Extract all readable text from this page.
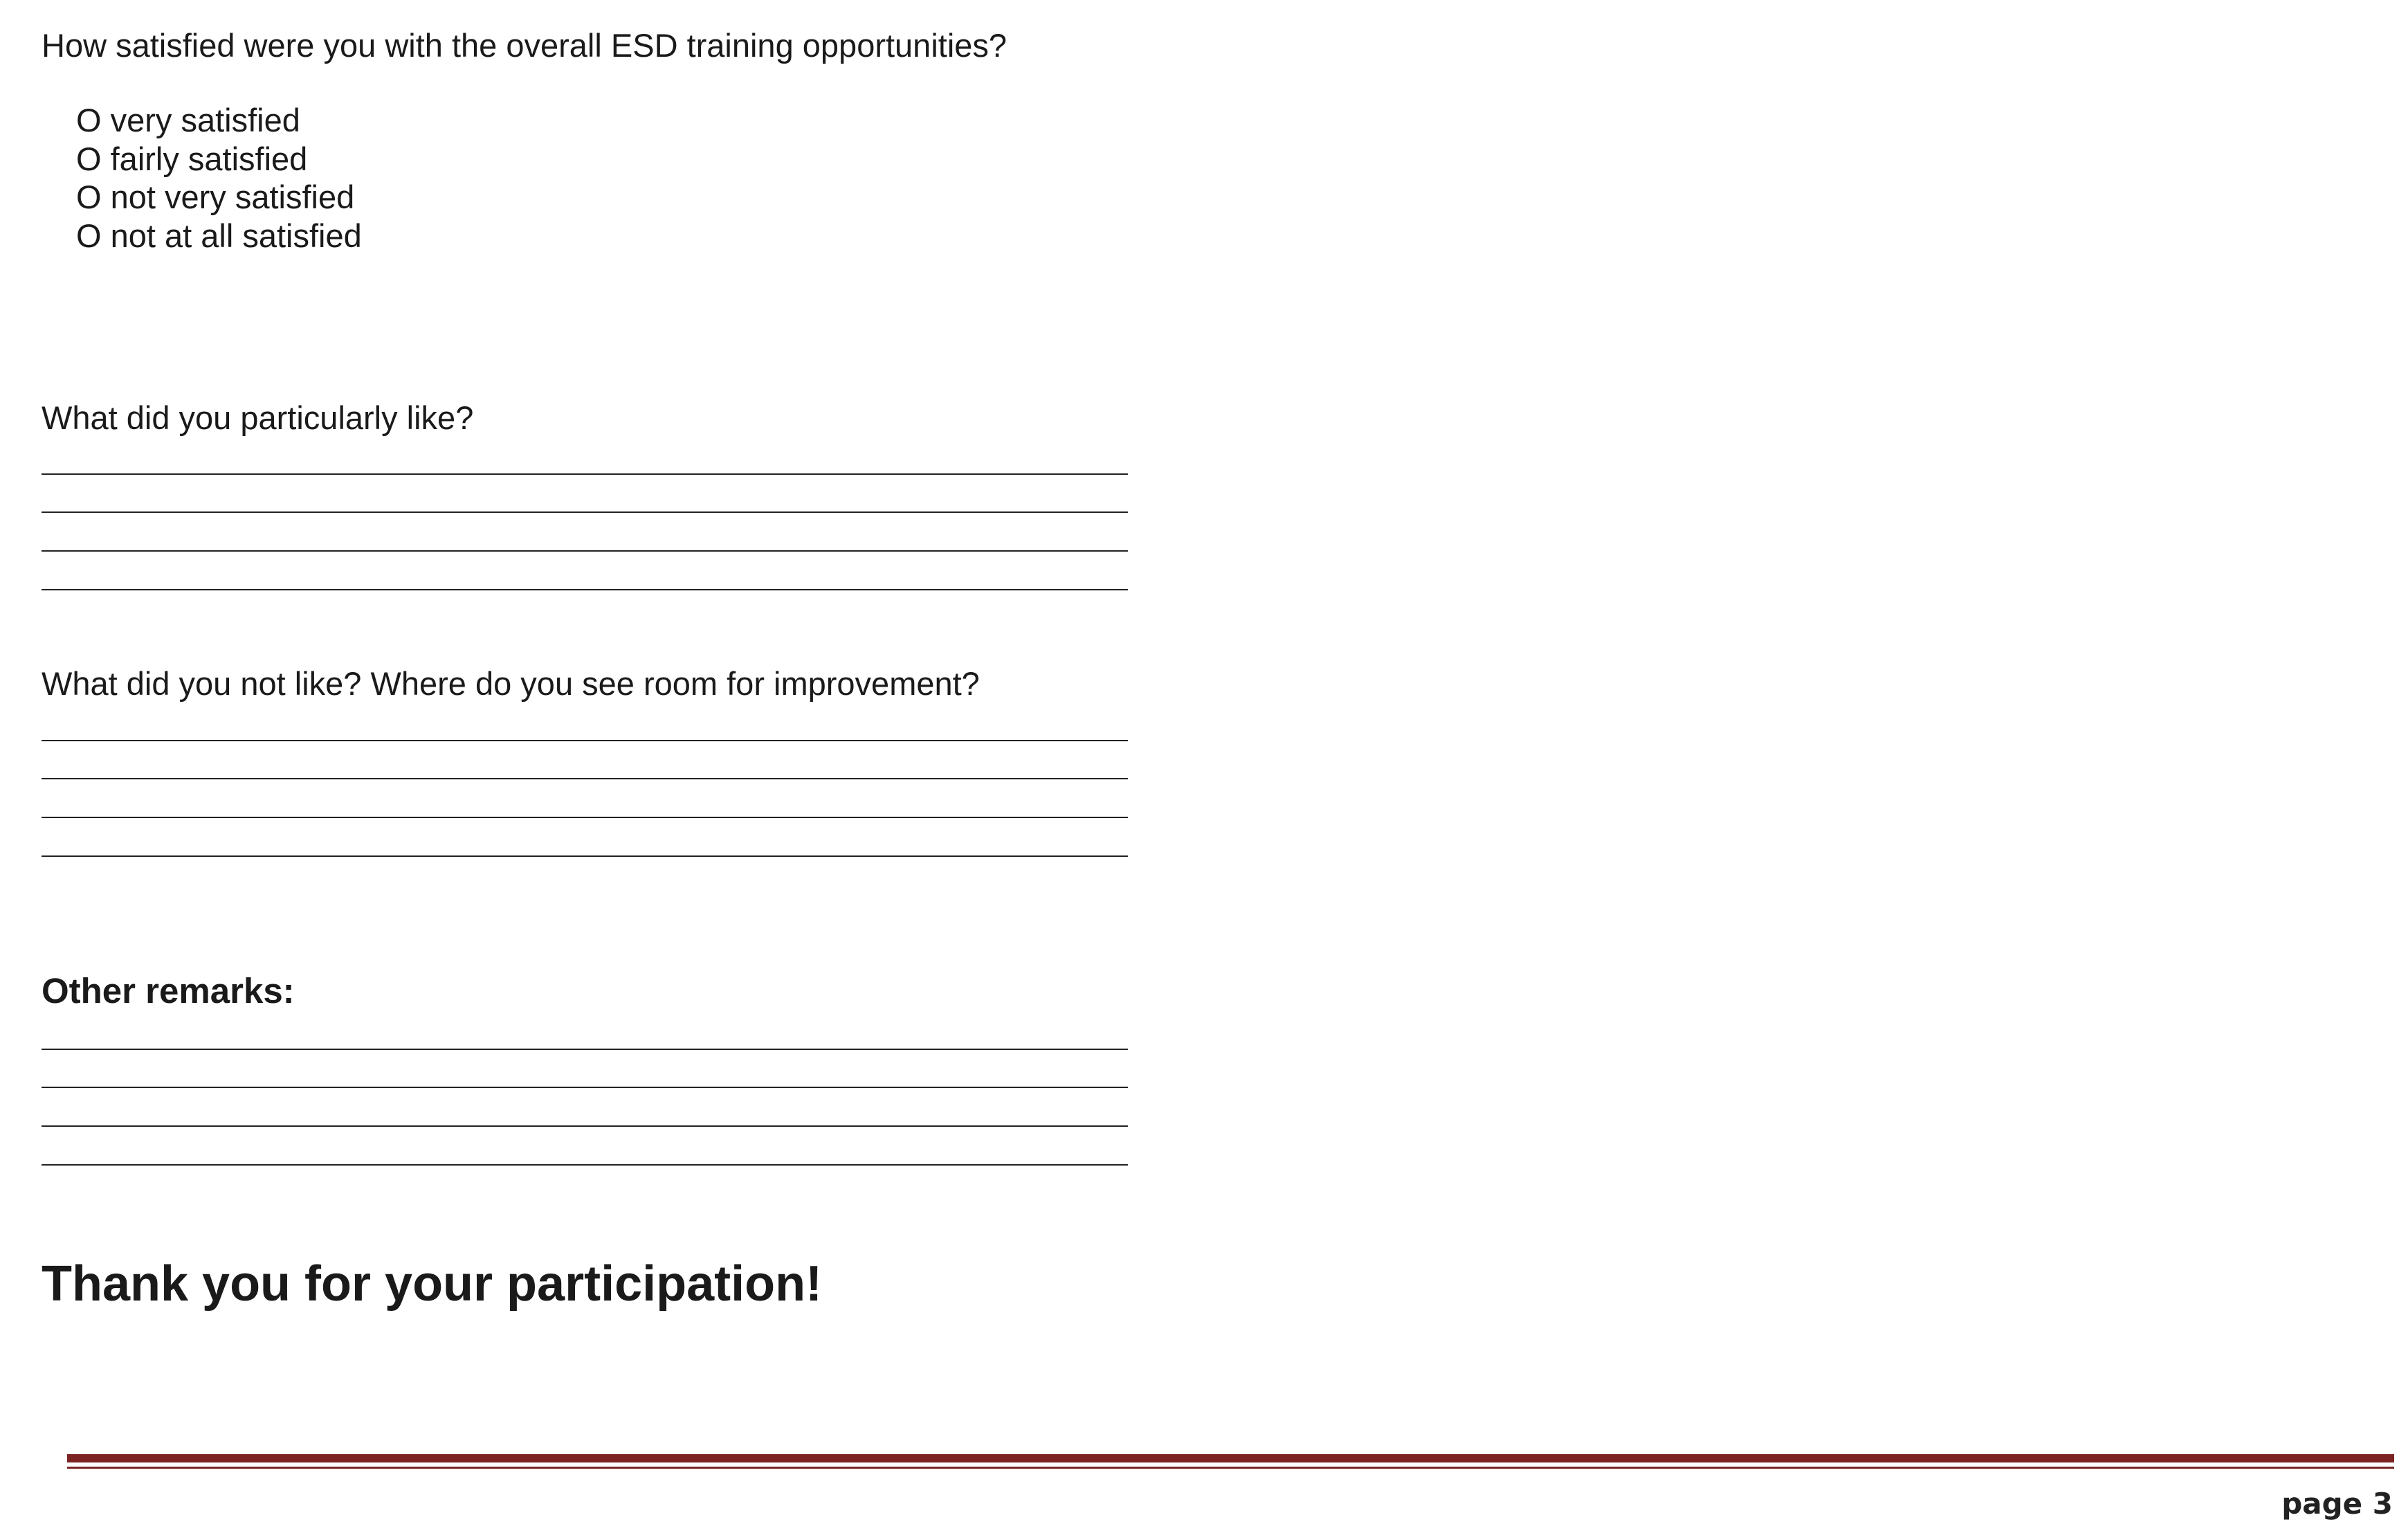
How satisfied were you with the overall ESD training opportunities?
O very satisfied
O fairly satisfied
O not very satisfied
O not at all satisfied
What did you particularly like?
What did you not like? Where do you see room for improvement?
Other remarks:
Thank you for your participation!
page 3
